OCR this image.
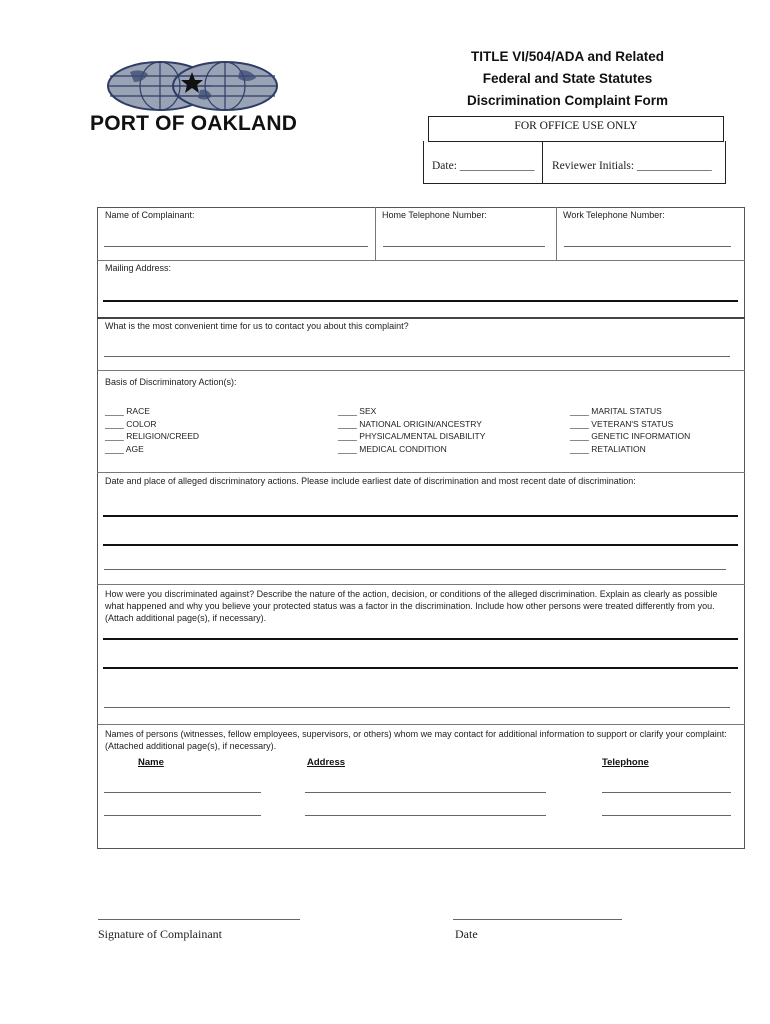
PORT OF OAKLAND
TITLE VI/504/ADA and Related
Federal and State Statutes
Discrimination Complaint Form
FOR OFFICE USE ONLY
Date: _____________ Reviewer Initials: _____________
Name of Complainant:	Home Telephone Number:	Work Telephone Number:
Mailing Address:
What is the most convenient time for us to contact you about this complaint?
Basis of Discriminatory Action(s):
____ RACE
____ COLOR
____ RELIGION/CREED
____ AGE
____ SEX
____ NATIONAL ORIGIN/ANCESTRY
____ PHYSICAL/MENTAL DISABILITY
____ MEDICAL CONDITION
____ MARITAL STATUS
____ VETERAN'S STATUS
____ GENETIC INFORMATION
____ RETALIATION
Date and place of alleged discriminatory actions. Please include earliest date of discrimination and most recent date of discrimination:
How were you discriminated against? Describe the nature of the action, decision, or conditions of the alleged discrimination. Explain as clearly as possible what happened and why you believe your protected status was a factor in the discrimination. Include how other persons were treated differently from you. (Attach additional page(s), if necessary).
Names of persons (witnesses, fellow employees, supervisors, or others) whom we may contact for additional information to support or clarify your complaint: (Attached additional page(s), if necessary).
Name	Address	Telephone
Signature of Complainant	Date
